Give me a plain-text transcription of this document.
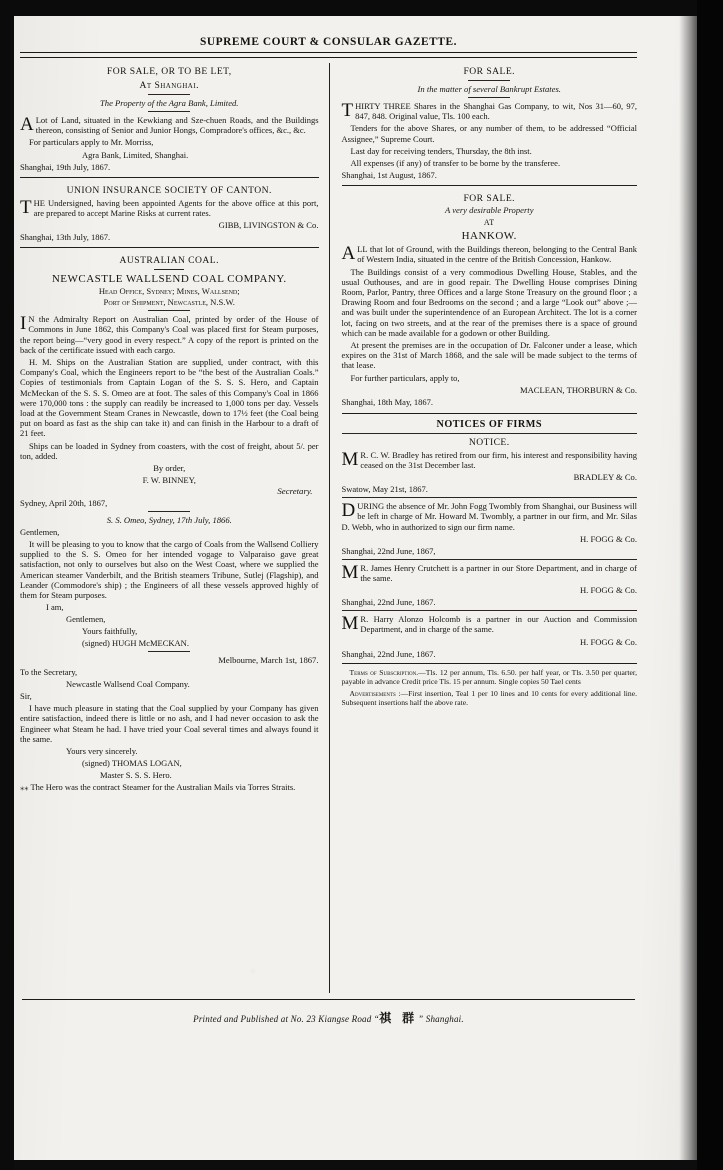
SUPREME COURT & CONSULAR GAZETTE.
FOR SALE, OR TO BE LET,
At Shanghai.
The Property of the Agra Bank, Limited.

A Lot of Land, situated in the Kewkiang and Sze-chuen Roads, and the Buildings thereon, consisting of Senior and Junior Hongs, Compradore's offices, &c., &c.

For particulars apply to Mr. Morriss,

Agra Bank, Limited, Shanghai.

Shanghai, 19th July, 1867.

UNION INSURANCE SOCIETY OF CANTON.

THE Undersigned, having been appointed Agents for the above office at this port, are prepared to accept Marine Risks at current rates.

GIBB, LIVINGSTON & Co.

Shanghai, 13th July, 1867.

AUSTRALIAN COAL.
NEWCASTLE WALLSEND COAL COMPANY.
Head Office, Sydney; Mines, Wallsend;
Port of Shipment, Newcastle, N.S.W.

I N the Admiralty Report on Australian Coal, printed by order of the House of Commons in June 1862, this Company's Coal was placed first for Steam purposes, the report being—“very good in every respect.” A copy of the report is printed on the back of the certificate issued with each cargo.

H. M. Ships on the Australian Station are supplied, under contract, with this Company's Coal, which the Engineers report to be “the best of the Australian Coals.” Copies of testimonials from Captain Logan of the S. S. S. Hero, and Captain McMeckan of the S. S. S. Omeo are at foot. The sales of this Company's Coal in 1866 were 170,000 tons : the supply can readily be increased to 1,000 tons per day. Vessels load at the Government Steam Cranes in Newcastle, down to 17½ feet (the Coal being put on board as fast as the ship can take it) and can finish in the Harbour to a draft of 21 feet.

Ships can be loaded in Sydney from coasters, with the cost of freight, about 5/. per ton, added.

By order,

F. W. BINNEY,

Secretary.

Sydney, April 20th, 1867,

S. S. Omeo, Sydney, 17th July, 1866.

Gentlemen,

It will be pleasing to you to know that the cargo of Coals from the Wallsend Colliery supplied to the S. S. Omeo for her intended vogage to Valparaiso gave great satisfaction, not only to ourselves but also on the West Coast, where we supplied the American steamer Vanderbilt, and the British steamers Tribune, Sutlej (Flagship), and Leander (Commodore's ship) ; the Engineers of all these vessels approved highly of them for Steam purposes.

I am,

Gentlemen,

Yours faithfully,

(signed) HUGH McMECKAN.

Melbourne, March 1st, 1867.

To the Secretary,

Newcastle Wallsend Coal Company.

Sir,

I have much pleasure in stating that the Coal supplied by your Company has given entire satisfaction, indeed there is little or no ash, and I had never occasion to ask the Engineer what Steam he had. I have tried your Coal several times and always found it the same.

Yours very sincerely.

(signed) THOMAS LOGAN,

Master S. S. S. Hero.

⁎⁎ The Hero was the contract Steamer for the Australian Mails via Torres Straits.

FOR SALE.
In the matter of several Bankrupt Estates.

THIRTY THREE Shares in the Shanghai Gas Company, to wit, Nos 31—60, 97, 847, 848. Original value, Tls. 100 each.

Tenders for the above Shares, or any number of them, to be addressed “Official Assignee,” Supreme Court.

Last day for receiving tenders, Thursday, the 8th inst.

All expenses (if any) of transfer to be borne by the transferee.

Shanghai, 1st August, 1867.

FOR SALE.
A very desirable Property
AT
HANKOW.

ALL that lot of Ground, with the Buildings thereon, belonging to the Central Bank of Western India, situated in the centre of the British Concession, Hankow.

The Buildings consist of a very commodious Dwelling House, Stables, and the usual Outhouses, and are in good repair. The Dwelling House comprises Dining Room, Parlor, Pantry, three Offices and a large Stone Treasury on the ground floor ; a Drawing Room and four Bedrooms on the second ; and a large “Look out” above ;—and was built under the superintendence of an European Architect. The lot is a corner lot, facing on two streets, and at the rear of the premises there is a space of ground which can be made available for a godown or other Building.

At present the premises are in the occupation of Dr. Falconer under a lease, which expires on the 31st of March 1868, and the sale will be made subject to the terms of that lease.

For further particulars, apply to,

MACLEAN, THORBURN & Co.

Shanghai, 18th May, 1867.

NOTICES OF FIRMS
NOTICE.

M R. C. W. Bradley has retired from our firm, his interest and responsibility having ceased on the 31st December last.

BRADLEY & Co.

Swatow, May 21st, 1867.

DURING the absence of Mr. John Fogg Twombly from Shanghai, our Business will be left in charge of Mr. Howard M. Twombly, a partner in our firm, and Mr. Silas D. Webb, who in authorized to sign our firm name.

H. FOGG & Co.

Shanghai, 22nd June, 1867,

M R. James Henry Crutchett is a partner in our Store Department, and in charge of the same.

H. FOGG & Co.

Shanghai, 22nd June, 1867.

M R. Harry Alonzo Holcomb is a partner in our Auction and Commission Department, and in charge of the same.

H. FOGG & Co.

Shanghai, 22nd June, 1867.

Terms of Subscription.—Tls. 12 per annum, Tls. 6.50. per half year, or Tls. 3.50 per quarter, payable in advance Credit price Tls. 15 per annum. Single copies 50 Tael cents

Advertisements :—First insertion, Teal 1 per 10 lines and 10 cents for every additional line. Subsequent insertions half the above rate.

Printed and Published at No. 23 Kiangse Road “祺 群” Shanghai.
